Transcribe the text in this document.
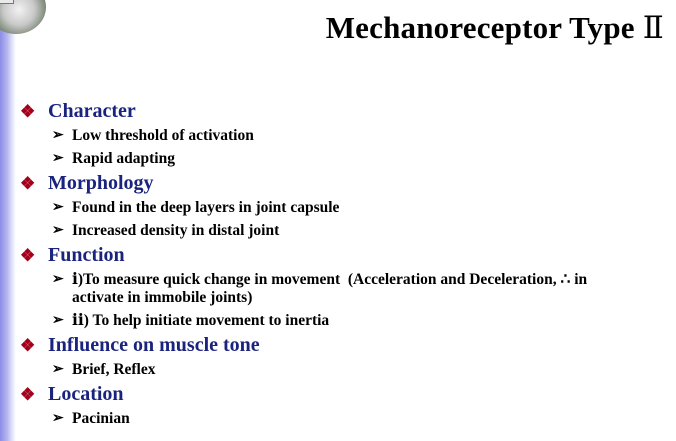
Mechanoreceptor Type Ⅱ
❖ Character
➢ Low threshold of activation
➢ Rapid adapting
❖ Morphology
➢ Found in the deep layers in joint capsule
➢ Increased density in distal joint
❖ Function
➢ ⅰ)To measure quick change in movement  (Acceleration and Deceleration, ∴ in activate in immobile joints)
➢ ⅱ) To help initiate movement to inertia
❖ Influence on muscle tone
➢ Brief, Reflex
❖ Location
➢ Pacinian
